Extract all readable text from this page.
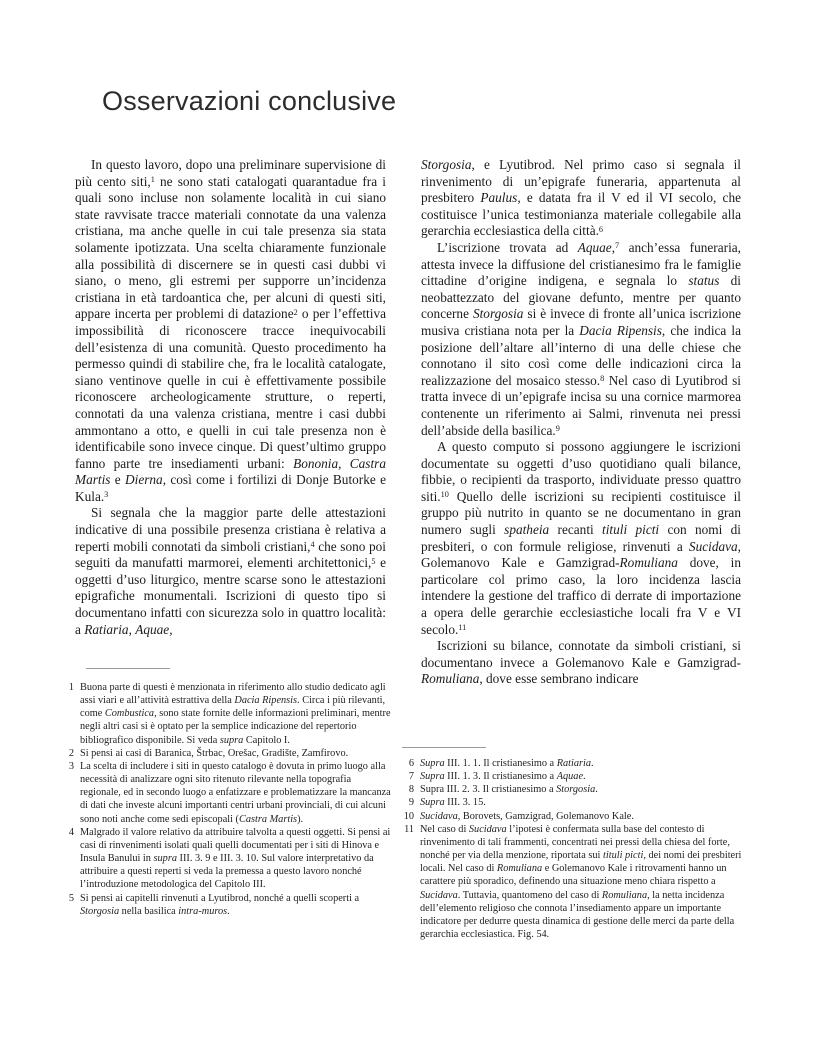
Osservazioni conclusive

In questo lavoro, dopo una preliminare supervisione di più cento siti,$^1$ ne sono stati catalogati quarantadue fra i quali sono incluse non solamente località in cui siano state ravvisate tracce materiali connotate da una valenza cristiana, ma anche quelle in cui tale presenza sia stata solamente ipotizzata. Una scelta chiaramente funzionale alla possibilità di discernere se in questi casi dubbi vi siano, o meno, gli estremi per supporre un’incidenza cristiana in età tardoantica che, per alcuni di questi siti, appare incerta per problemi di datazione$^2$ o per l’effettiva impossibilità di riconoscere tracce inequivocabili dell’esistenza di una comunità. Questo procedimento ha permesso quindi di stabilire che, fra le località catalogate, siano ventinove quelle in cui è effettivamente possibile riconoscere archeologicamente strutture, o reperti, connotati da una valenza cristiana, mentre i casi dubbi ammontano a otto, e quelli in cui tale presenza non è identificabile sono invece cinque. Di quest’ultimo gruppo fanno parte tre insediamenti urbani: Bononia, Castra Martis e Dierna, così come i fortilizi di Donje Butorke e Kula.$^3$

Si segnala che la maggior parte delle attestazioni indicative di una possibile presenza cristiana è relativa a reperti mobili connotati da simboli cristiani,$^4$ che sono poi seguiti da manufatti marmorei, elementi architettonici,$^5$ e oggetti d’uso liturgico, mentre scarse sono le attestazioni epigrafiche monumentali. Iscrizioni di questo tipo si documentano infatti con sicurezza solo in quattro località: a Ratiaria, Aquae,

Storgosia, e Lyutibrod. Nel primo caso si segnala il rinvenimento di un’epigrafe funeraria, appartenuta al presbitero Paulus, e datata fra il V ed il VI secolo, che costituisce l’unica testimonianza materiale collegabile alla gerarchia ecclesiastica della città.$^6$

L’iscrizione trovata ad Aquae,$^7$ anch’essa funeraria, attesta invece la diffusione del cristianesimo fra le famiglie cittadine d’origine indigena, e segnala lo status di neobattezzato del giovane defunto, mentre per quanto concerne Storgosia si è invece di fronte all’unica iscrizione musiva cristiana nota per la Dacia Ripensis, che indica la posizione dell’altare all’interno di una delle chiese che connotano il sito così come delle indicazioni circa la realizzazione del mosaico stesso.$^8$ Nel caso di Lyutibrod si tratta invece di un’epigrafe incisa su una cornice marmorea contenente un riferimento ai Salmi, rinvenuta nei pressi dell’abside della basilica.$^9$

A questo computo si possono aggiungere le iscrizioni documentate su oggetti d’uso quotidiano quali bilance, fibbie, o recipienti da trasporto, individuate presso quattro siti.$^{10}$ Quello delle iscrizioni su recipienti costituisce il gruppo più nutrito in quanto se ne documentano in gran numero sugli spatheia recanti tituli picti con nomi di presbiteri, o con formule religiose, rinvenuti a Sucidava, Golemanovo Kale e Gamzigrad-Romuliana dove, in particolare col primo caso, la loro incidenza lascia intendere la gestione del traffico di derrate di importazione a opera delle gerarchie ecclesiastiche locali fra V e VI secolo.$^{11}$

Iscrizioni su bilance, connotate da simboli cristiani, si documentano invece a Golemanovo Kale e Gamzigrad-Romuliana, dove esse sembrano indicare

1 Buona parte di questi è menzionata in riferimento allo studio dedicato agli assi viari e all’attività estrattiva della Dacia Ripensis. Circa i più rilevanti, come Combustica, sono state fornite delle informazioni preliminari, mentre negli altri casi si è optato per la semplice indicazione del repertorio bibliografico disponibile. Si veda supra Capitolo I.
2 Si pensi ai casi di Baranica, Štrbac, Orešac, Gradište, Zamfirovo.
3 La scelta di includere i siti in questo catalogo è dovuta in primo luogo alla necessità di analizzare ogni sito ritenuto rilevante nella topografia regionale, ed in secondo luogo a enfatizzare e problematizzare la mancanza di dati che investe alcuni importanti centri urbani provinciali, di cui alcuni sono noti anche come sedi episcopali (Castra Martis).
4 Malgrado il valore relativo da attribuire talvolta a questi oggetti. Si pensi ai casi di rinvenimenti isolati quali quelli documentati per i siti di Hinova e Insula Banului in supra III. 3. 9 e III. 3. 10. Sul valore interpretativo da attribuire a questi reperti si veda la premessa a questo lavoro nonché l’introduzione metodologica del Capitolo III.
5 Si pensi ai capitelli rinvenuti a Lyutibrod, nonché a quelli scoperti a Storgosia nella basilica intra-muros.
6 Supra III. 1. 1. Il cristianesimo a Ratiaria.
7 Supra III. 1. 3. Il cristianesimo a Aquae.
8 Supra III. 2. 3. Il cristianesimo a Storgosia.
9 Supra III. 3. 15.
10 Sucidava, Borovets, Gamzigrad, Golemanovo Kale.
11 Nel caso di Sucidava l’ipotesi è confermata sulla base del contesto di rinvenimento di tali frammenti, concentrati nei pressi della chiesa del forte, nonché per via della menzione, riportata sui tituli picti, dei nomi dei presbiteri locali. Nel caso di Romuliana e Golemanovo Kale i ritrovamenti hanno un carattere più sporadico, definendo una situazione meno chiara rispetto a Sucidava. Tuttavia, quantomeno del caso di Romuliana, la netta incidenza dell’elemento religioso che connota l’insediamento appare un importante indicatore per dedurre questa dinamica di gestione delle merci da parte della gerarchia ecclesiastica. Fig. 54.
